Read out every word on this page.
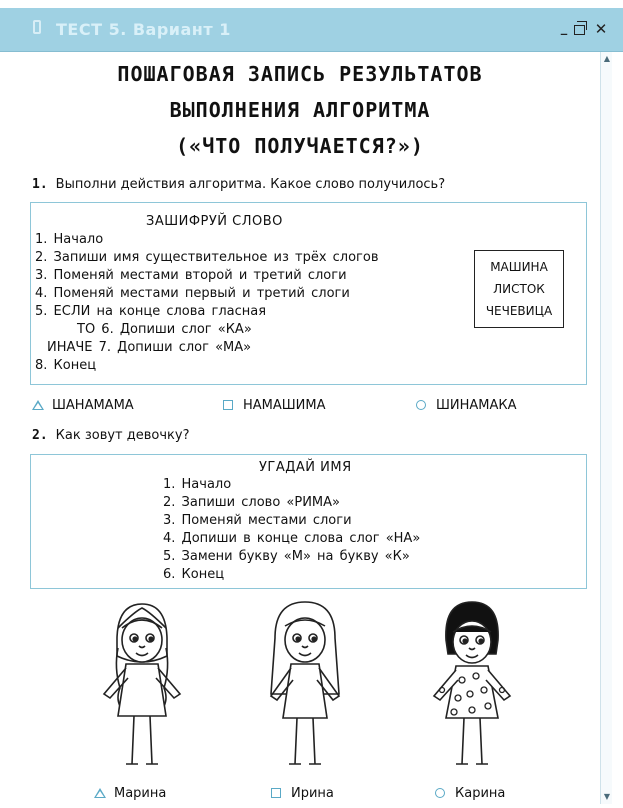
ТЕСТ 5. Вариант 1	_ ✕
▲
▼
ПОШАГОВАЯ ЗАПИСЬ РЕЗУЛЬТАТОВ
ВЫПОЛНЕНИЯ АЛГОРИТМА
(«ЧТО ПОЛУЧАЕТСЯ?»)
1. Выполни действия алгоритма. Какое слово получилось?
ЗАШИФРУЙ СЛОВО
1. Начало
2. Запиши имя существительное из трёх слогов
3. Поменяй местами второй и третий слоги
4. Поменяй местами первый и третий слоги
5. ЕСЛИ на конце слова гласная
ТО 6. Допиши слог «КА»
ИНАЧЕ 7. Допиши слог «МА»
8. Конец
МАШИНА
ЛИСТОК
ЧЕЧЕВИЦА
ШАНАМАМА	НАМАШИМА	ШИНАМАКА
2. Как зовут девочку?
УГАДАЙ ИМЯ
1. Начало
2. Запиши слово «РИМА»
3. Поменяй местами слоги
4. Допиши в конце слова слог «НА»
5. Замени букву «М» на букву «К»
6. Конец
Марина	Ирина	Карина
